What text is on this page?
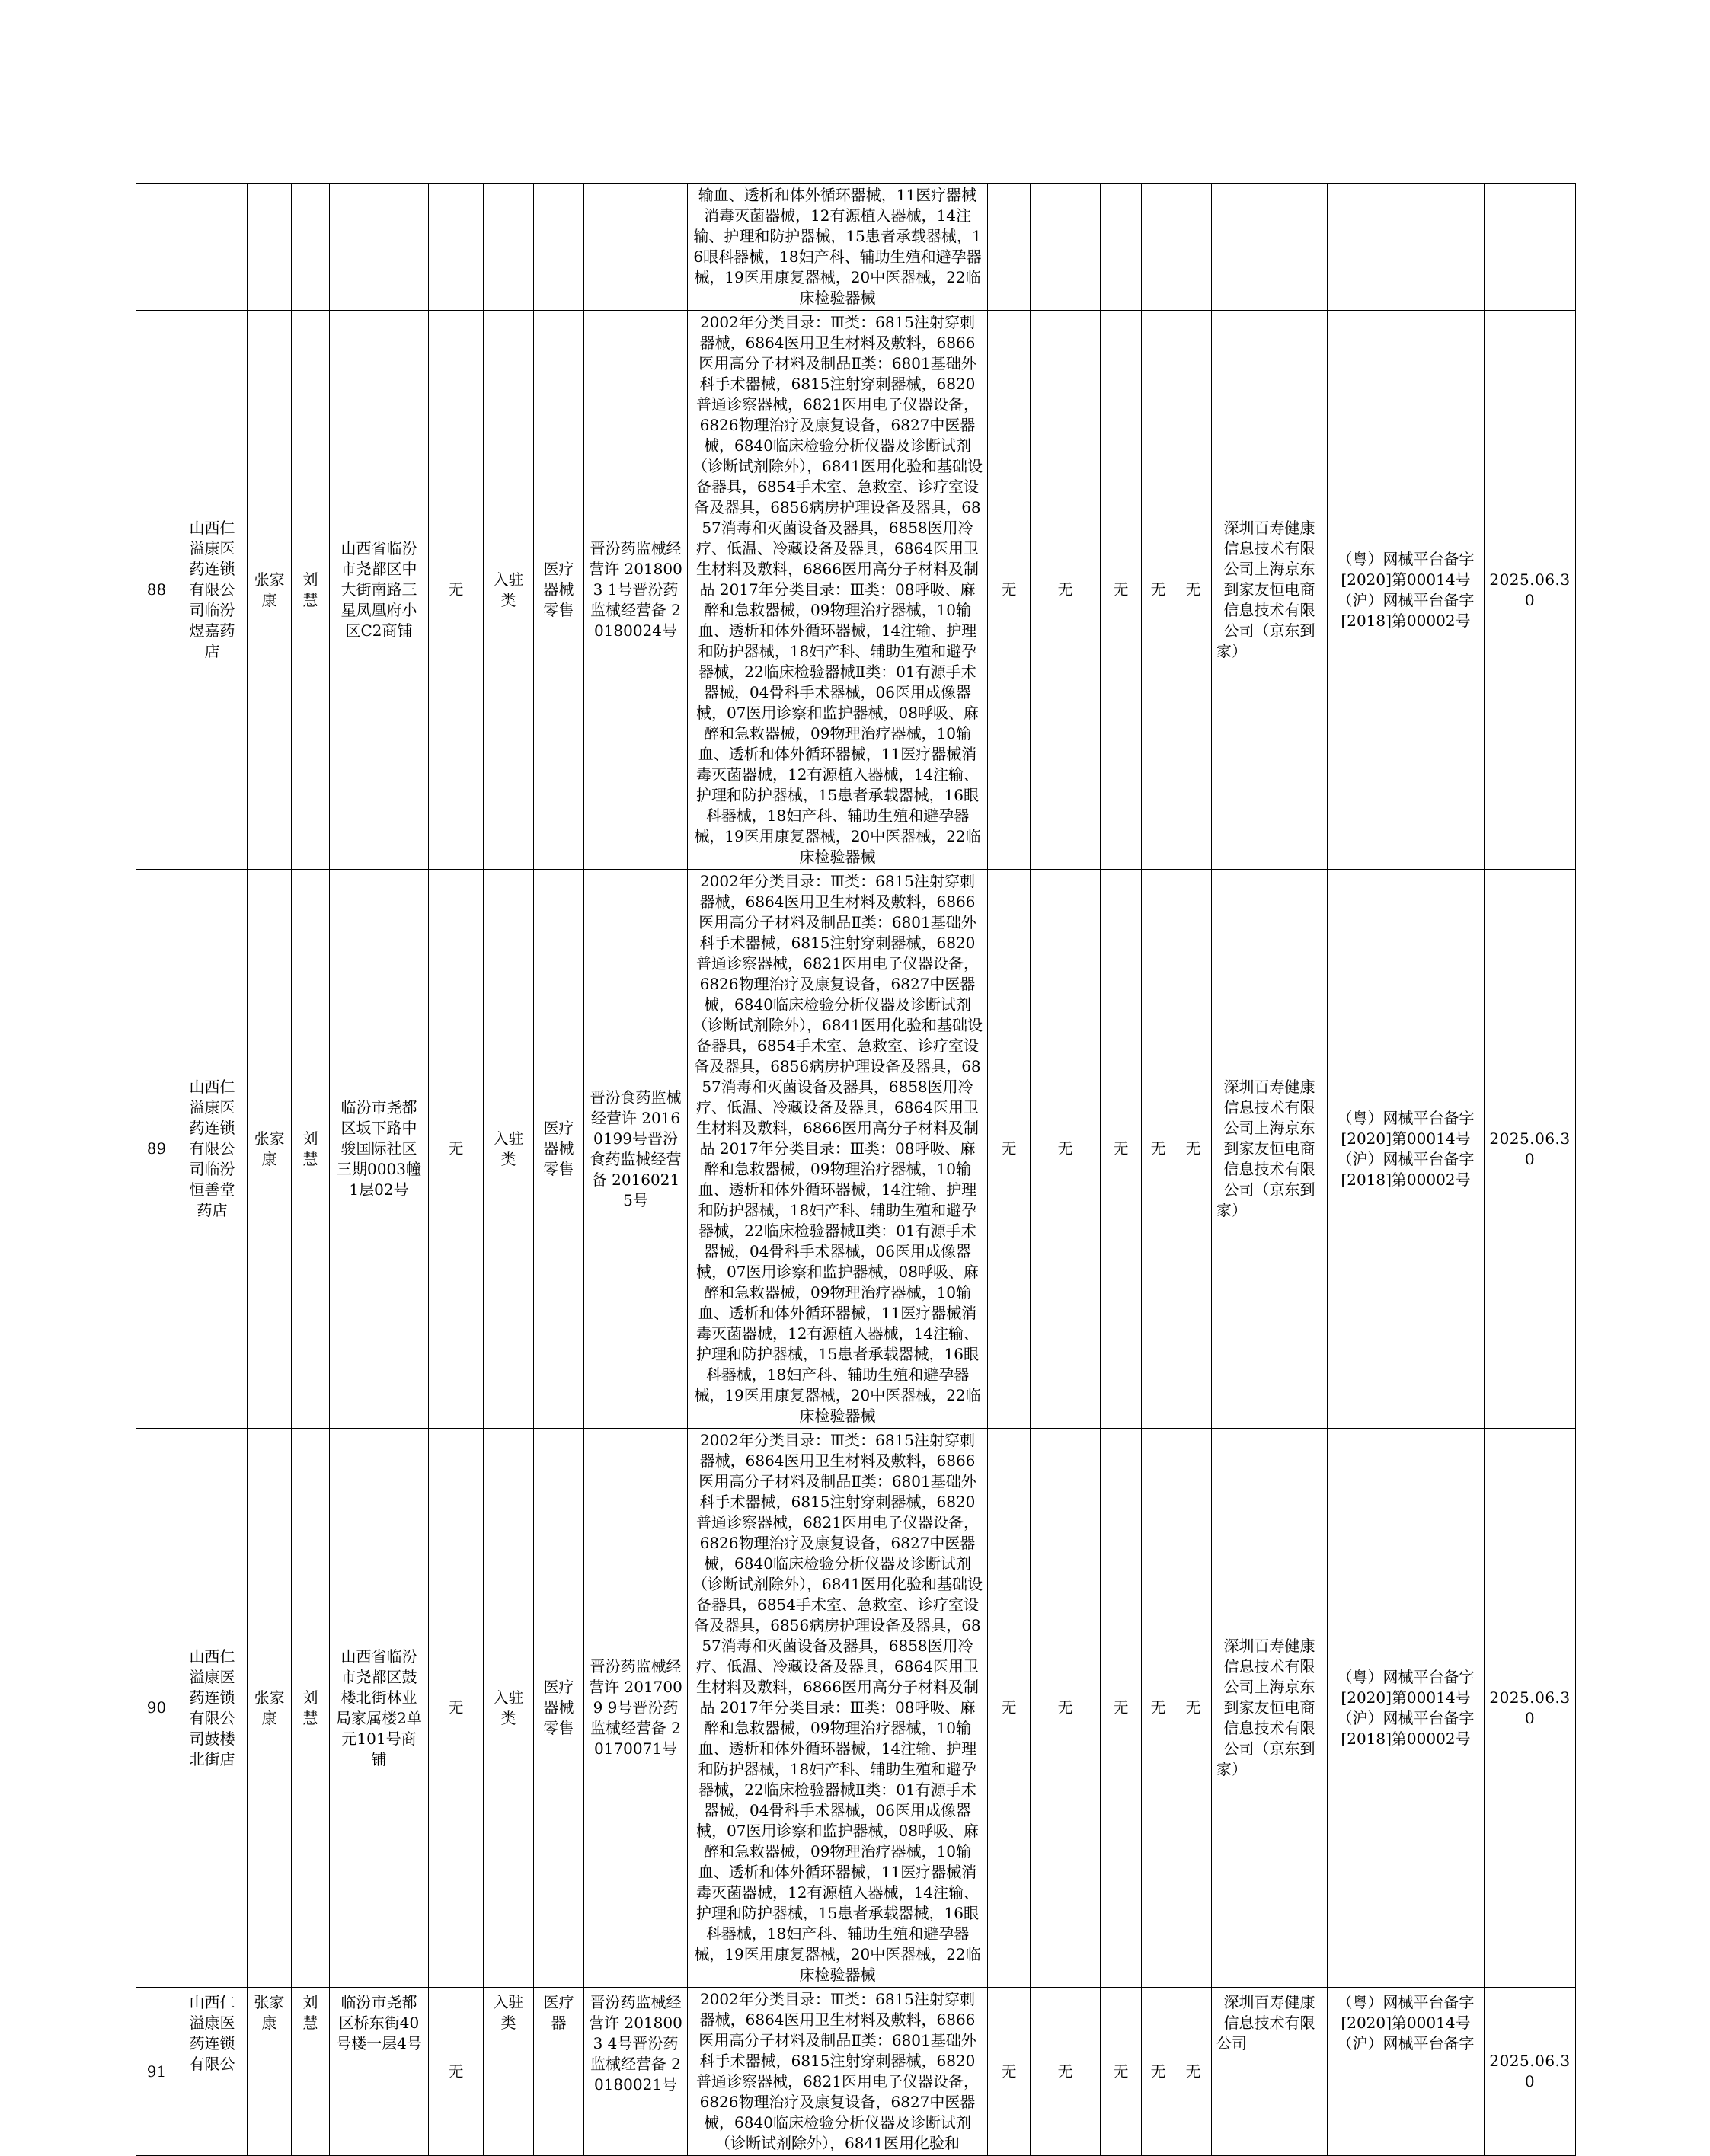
									输血、透析和体外循环器械，11医疗器械消毒灭菌器械，12有源植入器械，14注输、护理和防护器械，15患者承载器械，16眼科器械，18妇产科、辅助生殖和避孕器械，19医用康复器械，20中医器械，22临床检验器械								
88	山西仁溢康医药连锁有限公司临汾煜嘉药店	张家康	刘慧	山西省临汾市尧都区中大街南路三星凤凰府小区C2商铺	无	入驻类	医疗器械零售	晋汾药监械经营许 2018003 1号晋汾药监械经营备 20180024号	2002年分类目录：Ⅲ类：6815注射穿刺器械，6864医用卫生材料及敷料，6866医用高分子材料及制品Ⅱ类：6801基础外科手术器械，6815注射穿刺器械，6820普通诊察器械，6821医用电子仪器设备，6826物理治疗及康复设备，6827中医器械，6840临床检验分析仪器及诊断试剂（诊断试剂除外），6841医用化验和基础设备器具，6854手术室、急救室、诊疗室设备及器具，6856病房护理设备及器具，6857消毒和灭菌设备及器具，6858医用冷疗、低温、冷藏设备及器具，6864医用卫生材料及敷料，6866医用高分子材料及制品 2017年分类目录：Ⅲ类：08呼吸、麻醉和急救器械，09物理治疗器械，10输血、透析和体外循环器械，14注输、护理和防护器械，18妇产科、辅助生殖和避孕器械，22临床检验器械Ⅱ类：01有源手术器械，04骨科手术器械，06医用成像器械，07医用诊察和监护器械，08呼吸、麻醉和急救器械，09物理治疗器械，10输血、透析和体外循环器械，11医疗器械消毒灭菌器械，12有源植入器械，14注输、护理和防护器械，15患者承载器械，16眼科器械，18妇产科、辅助生殖和避孕器械，19医用康复器械，20中医器械，22临床检验器械	无	无	无	无	无	深圳百寿健康信息技术有限公司上海京东到家友恒电商信息技术有限公司（京东到家）	（粤）网械平台备字[2020]第00014号（沪）网械平台备字[2018]第00002号	2025.06.30
89	山西仁溢康医药连锁有限公司临汾恒善堂药店	张家康	刘慧	临汾市尧都区坂下路中骏国际社区三期0003幢1层02号	无	入驻类	医疗器械零售	晋汾食药监械经营许 20160199号晋汾食药监械经营备 20160215号	2002年分类目录：Ⅲ类：6815注射穿刺器械，6864医用卫生材料及敷料，6866医用高分子材料及制品Ⅱ类：6801基础外科手术器械，6815注射穿刺器械，6820普通诊察器械，6821医用电子仪器设备，6826物理治疗及康复设备，6827中医器械，6840临床检验分析仪器及诊断试剂（诊断试剂除外），6841医用化验和基础设备器具，6854手术室、急救室、诊疗室设备及器具，6856病房护理设备及器具，6857消毒和灭菌设备及器具，6858医用冷疗、低温、冷藏设备及器具，6864医用卫生材料及敷料，6866医用高分子材料及制品 2017年分类目录：Ⅲ类：08呼吸、麻醉和急救器械，09物理治疗器械，10输血、透析和体外循环器械，14注输、护理和防护器械，18妇产科、辅助生殖和避孕器械，22临床检验器械Ⅱ类：01有源手术器械，04骨科手术器械，06医用成像器械，07医用诊察和监护器械，08呼吸、麻醉和急救器械，09物理治疗器械，10输血、透析和体外循环器械，11医疗器械消毒灭菌器械，12有源植入器械，14注输、护理和防护器械，15患者承载器械，16眼科器械，18妇产科、辅助生殖和避孕器械，19医用康复器械，20中医器械，22临床检验器械	无	无	无	无	无	深圳百寿健康信息技术有限公司上海京东到家友恒电商信息技术有限公司（京东到家）	（粤）网械平台备字[2020]第00014号（沪）网械平台备字[2018]第00002号	2025.06.30
90	山西仁溢康医药连锁有限公司鼓楼北街店	张家康	刘慧	山西省临汾市尧都区鼓楼北街林业局家属楼2单元101号商铺	无	入驻类	医疗器械零售	晋汾药监械经营许 2017009 9号晋汾药监械经营备 20170071号	2002年分类目录：Ⅲ类：6815注射穿刺器械，6864医用卫生材料及敷料，6866医用高分子材料及制品Ⅱ类：6801基础外科手术器械，6815注射穿刺器械，6820普通诊察器械，6821医用电子仪器设备，6826物理治疗及康复设备，6827中医器械，6840临床检验分析仪器及诊断试剂（诊断试剂除外），6841医用化验和基础设备器具，6854手术室、急救室、诊疗室设备及器具，6856病房护理设备及器具，6857消毒和灭菌设备及器具，6858医用冷疗、低温、冷藏设备及器具，6864医用卫生材料及敷料，6866医用高分子材料及制品 2017年分类目录：Ⅲ类：08呼吸、麻醉和急救器械，09物理治疗器械，10输血、透析和体外循环器械，14注输、护理和防护器械，18妇产科、辅助生殖和避孕器械，22临床检验器械Ⅱ类：01有源手术器械，04骨科手术器械，06医用成像器械，07医用诊察和监护器械，08呼吸、麻醉和急救器械，09物理治疗器械，10输血、透析和体外循环器械，11医疗器械消毒灭菌器械，12有源植入器械，14注输、护理和防护器械，15患者承载器械，16眼科器械，18妇产科、辅助生殖和避孕器械，19医用康复器械，20中医器械，22临床检验器械	无	无	无	无	无	深圳百寿健康信息技术有限公司上海京东到家友恒电商信息技术有限公司（京东到家）	（粤）网械平台备字[2020]第00014号（沪）网械平台备字[2018]第00002号	2025.06.30
91	山西仁溢康医药连锁有限公	张家康	刘慧	临汾市尧都区桥东街40号楼一层4号	无	入驻类	医疗器	晋汾药监械经营许 2018003 4号晋汾药监械经营备 20180021号	2002年分类目录：Ⅲ类：6815注射穿刺器械，6864医用卫生材料及敷料，6866医用高分子材料及制品Ⅱ类：6801基础外科手术器械，6815注射穿刺器械，6820普通诊察器械，6821医用电子仪器设备，6826物理治疗及康复设备，6827中医器械，6840临床检验分析仪器及诊断试剂（诊断试剂除外），6841医用化验和	无	无	无	无	无	深圳百寿健康信息技术有限公司	（粤）网械平台备字[2020]第00014号（沪）网械平台备字	2025.06.30
